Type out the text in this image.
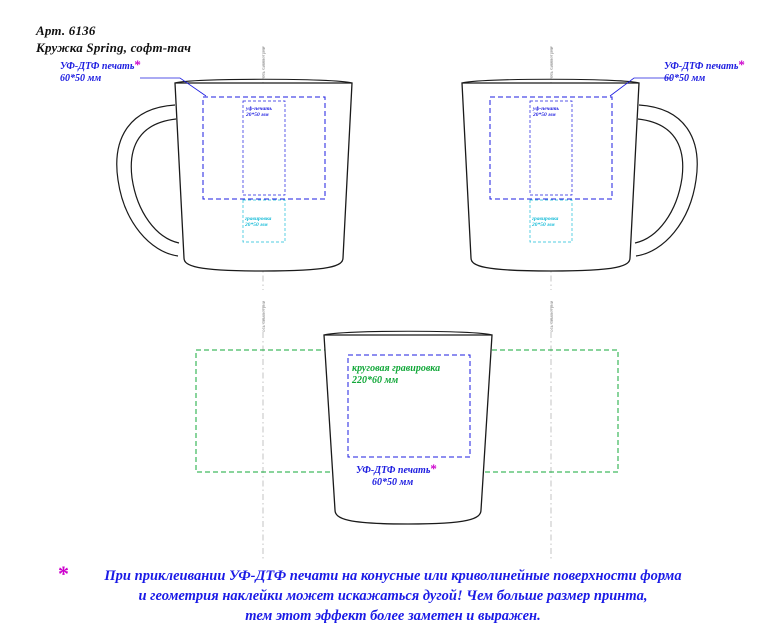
Арт. 6136
Кружка Spring, софт-тач
УФ-ДТФ печать*
60*50 мм
уф-печать
20*50 мм
гравировка
20*50 мм
ось симметрии	УФ-ДТФ печать*
60*50 мм
уф-печать
20*50 мм
гравировка
20*50 мм
ось симметрии
круговая гравировка
220*60 мм
УФ-ДТФ печать*
60*50 мм
ось симметрии	ось симметрии
*	При приклеивании УФ-ДТФ печати на конусные или криволинейные поверхности форма
и геометрия наклейки может искажаться дугой! Чем больше размер принта,
тем этот эффект более заметен и выражен.
